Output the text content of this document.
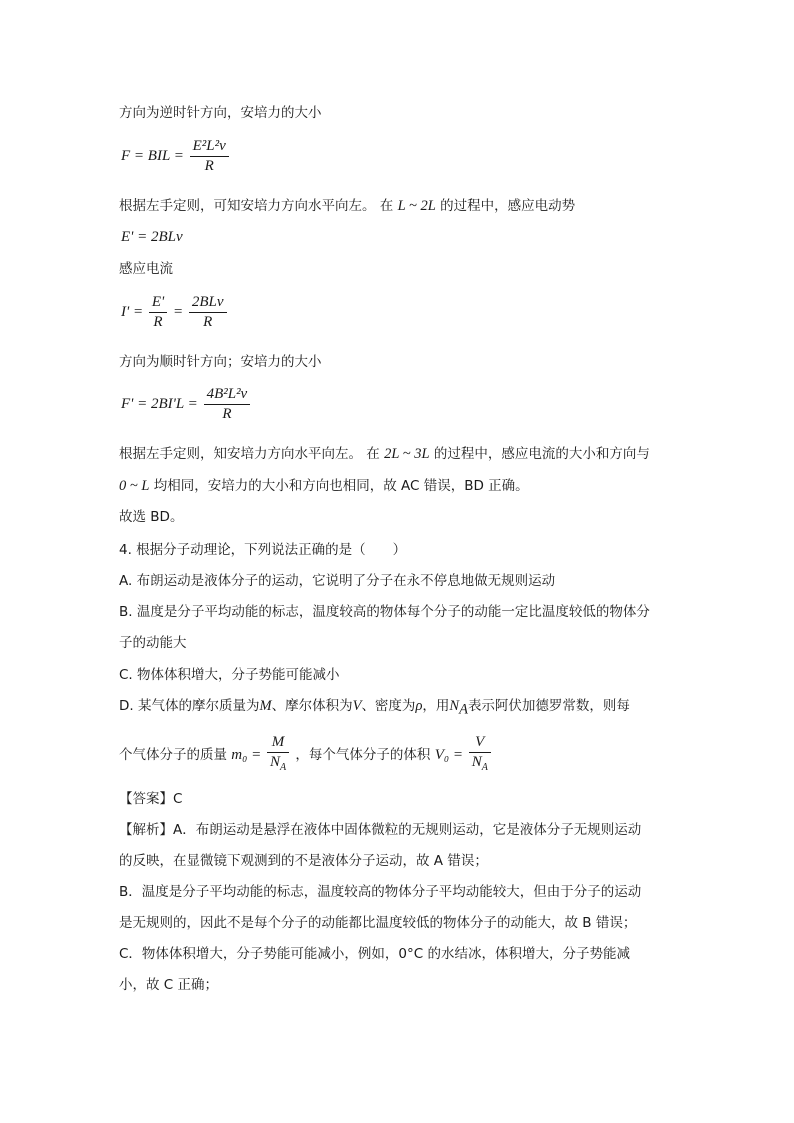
方向为逆时针方向，安培力的大小
F = BIL = $\frac{\text{E²L²v}}{R}$
根据左手定则，可知安培力方向水平向左。 在 L ~ 2L 的过程中，感应电动势
E' = 2BLv
感应电流
$I' = \frac{E'}{R} = \frac{\text{2BLv}}{R}$
方向为顺时针方向；安培力的大小
$F' = 2BI'L = \frac{\text{4B²L²v}}{R}$
根据左手定则，知安培力方向水平向左。 在 2L ~ 3L 的过程中，感应电流的大小和方向与
0 ~ L 均相同，安培力的大小和方向也相同，故 AC 错误，BD 正确。
故选 BD。
4. 根据分子动理论，下列说法正确的是（　　）
A. 布朗运动是液体分子的运动，它说明了分子在永不停息地做无规则运动
B. 温度是分子平均动能的标志，温度较高的物体每个分子的动能一定比温度较低的物体分
子的动能大
C. 物体体积增大，分子势能可能减小
D. 某气体的摩尔质量为M、摩尔体积为V、密度为ρ，用$N_A$表示阿伏加德罗常数，则每
个气体分子的质量 $m_0 = \frac{M}{N_A}$ ，每个气体分子的体积 $V_0 = \frac{V}{N_A}$
【答案】C
【解析】A．布朗运动是悬浮在液体中固体微粒的无规则运动，它是液体分子无规则运动
的反映，在显微镜下观测到的不是液体分子运动，故 A 错误；
B．温度是分子平均动能的标志，温度较高的物体分子平均动能较大，但由于分子的运动
是无规则的，因此不是每个分子的动能都比温度较低的物体分子的动能大，故 B 错误；
C．物体体积增大，分子势能可能减小，例如，0°C 的水结冰，体积增大，分子势能减
小，故 C 正确；
